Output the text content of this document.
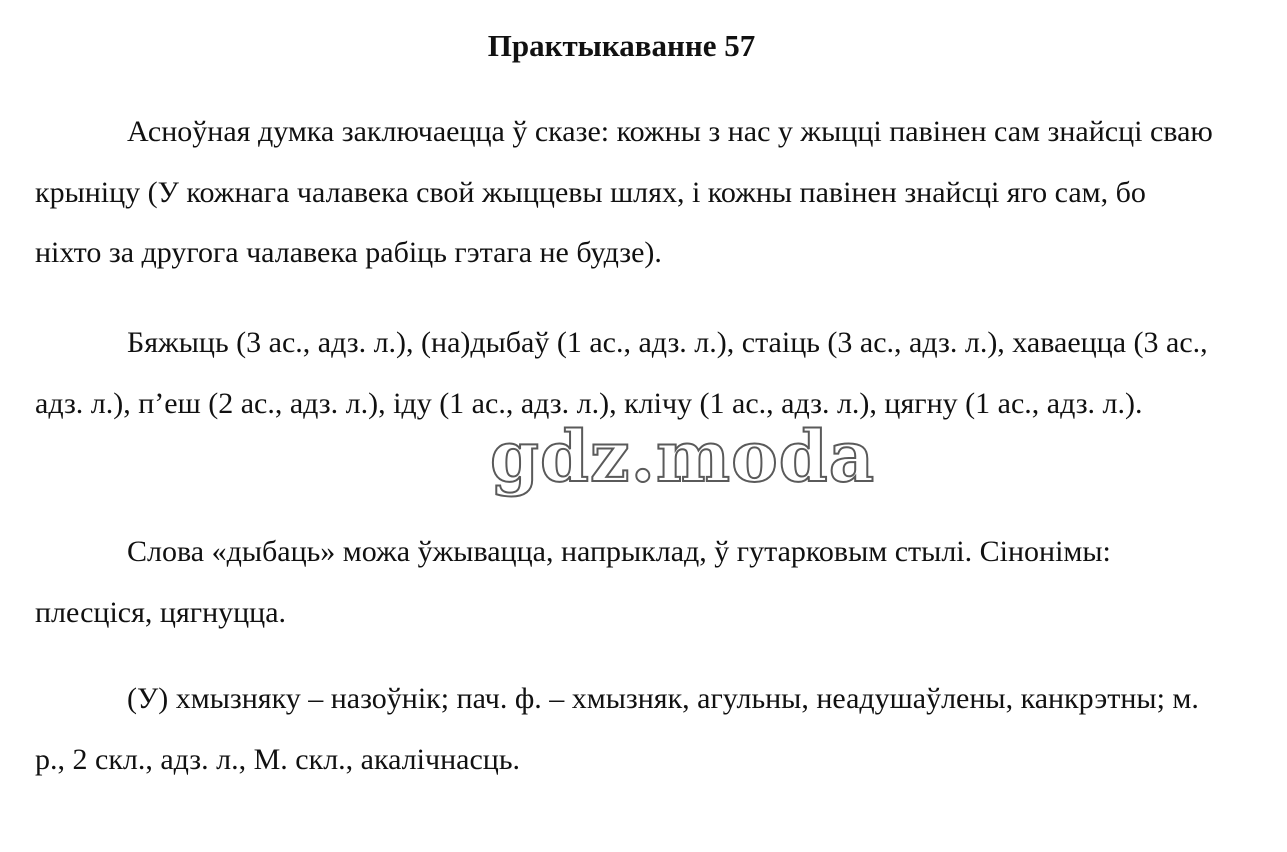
Практыкаванне 57

Асноўная думка заключаецца ў сказе: кожны з нас у жыцці павінен сам знайсці сваю крыніцу (У кожнага чалавека свой жыццевы шлях, і кожны павінен знайсці яго сам, бо ніхто за другога чалавека рабіць гэтага не будзе).

Бяжыць (3 ас., адз. л.), (на)дыбаў (1 ас., адз. л.), стаіць (3 ас., адз. л.), хаваецца (3 ас., адз. л.), п’еш (2 ас., адз. л.), іду (1 ас., адз. л.), клічу (1 ас., адз. л.), цягну (1 ас., адз. л.).

Слова «дыбаць» можа ўжывацца, напрыклад, ў гутарковым стылі. Сінонімы: плесціся, цягнуцца.

(У) хмызняку – назоўнік; пач. ф. – хмызняк, агульны, неадушаўлены, канкрэтны; м. р., 2 скл., адз. л., М. скл., акалічнасць.

gdz.moda
